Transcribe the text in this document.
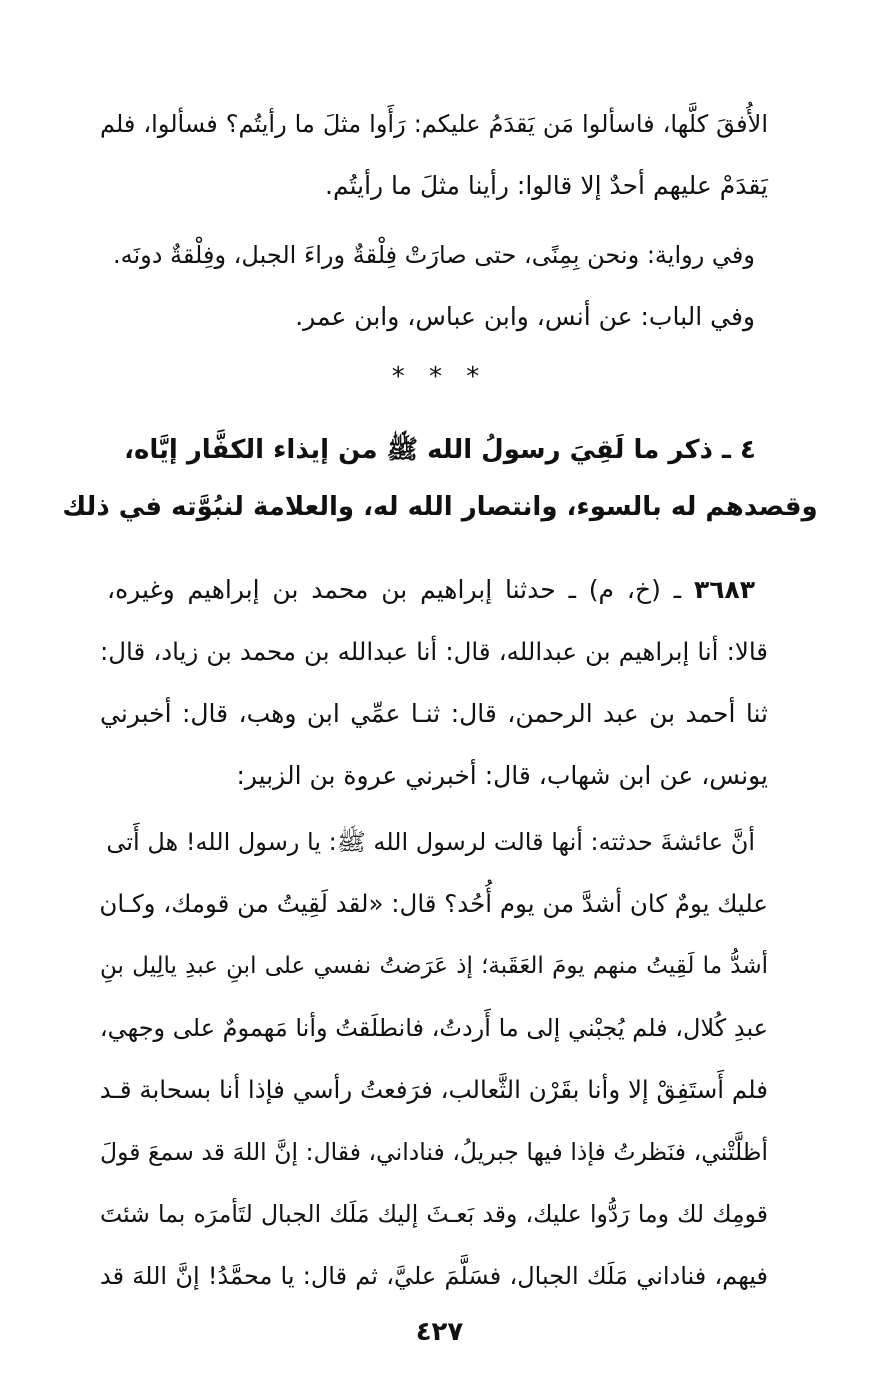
الأُفقَ كلَّها، فاسألوا مَن يَقدَمُ عليكم: رَأَوا مثلَ ما رأيتُم؟ فسألوا، فلم
يَقدَمْ عليهم أحدٌ إلا قالوا: رأينا مثلَ ما رأيتُم.
وفي رواية: ونحن بِمِنًى، حتى صارَتْ فِلْقةٌ وراءَ الجبل، وفِلْقةٌ دونَه.
وفي الباب: عن أنس، وابن عباس، وابن عمر.
* * *
٤ ـ ذكر ما لَقِيَ رسولُ الله ﷺ من إيذاء الكفَّار إيَّاه،
وقصدهم له بالسوء، وانتصار الله له، والعلامة لنبُوَّته في ذلك
٣٦٨٣ ـ (خ، م) ـ حدثنا إبراهيم بن محمد بن إبراهيم وغيره،
قالا: أنا إبراهيم بن عبدالله، قال: أنا عبدالله بن محمد بن زياد، قال:
ثنا أحمد بن عبد الرحمن، قال: ثنـا عمِّي ابن وهب، قال: أخبرني
يونس، عن ابن شهاب، قال: أخبرني عروة بن الزبير:
أنَّ عائشةَ حدثته: أنها قالت لرسول الله ﷺ: يا رسول الله! هل أَتى
عليك يومٌ كان أشدَّ من يوم أُحُد؟ قال: «لقد لَقِيتُ من قومك، وكـان
أشدُّ ما لَقِيتُ منهم يومَ العَقَبة؛ إذ عَرَضتُ نفسي على ابنِ عبدِ يالِيل بنِ
عبدِ كُلال، فلم يُجبْني إلى ما أَردتُ، فانطلَقتُ وأنا مَهمومٌ على وجهي،
فلم أَستَفِقْ إلا وأنا بقَرْن الثَّعالب، فرَفعتُ رأسي فإذا أنا بسحابة قـد
أظلَّتْني، فنَظرتُ فإذا فيها جبريلُ، فناداني، فقال: إنَّ اللهَ قد سمعَ قولَ
قومِك لك وما رَدُّوا عليك، وقد بَعـثَ إليك مَلَك الجبال لتَأمرَه بما شئتَ
فيهم، فناداني مَلَك الجبال، فسَلَّمَ عليَّ، ثم قال: يا محمَّدُ! إنَّ اللهَ قد
٤٢٧
